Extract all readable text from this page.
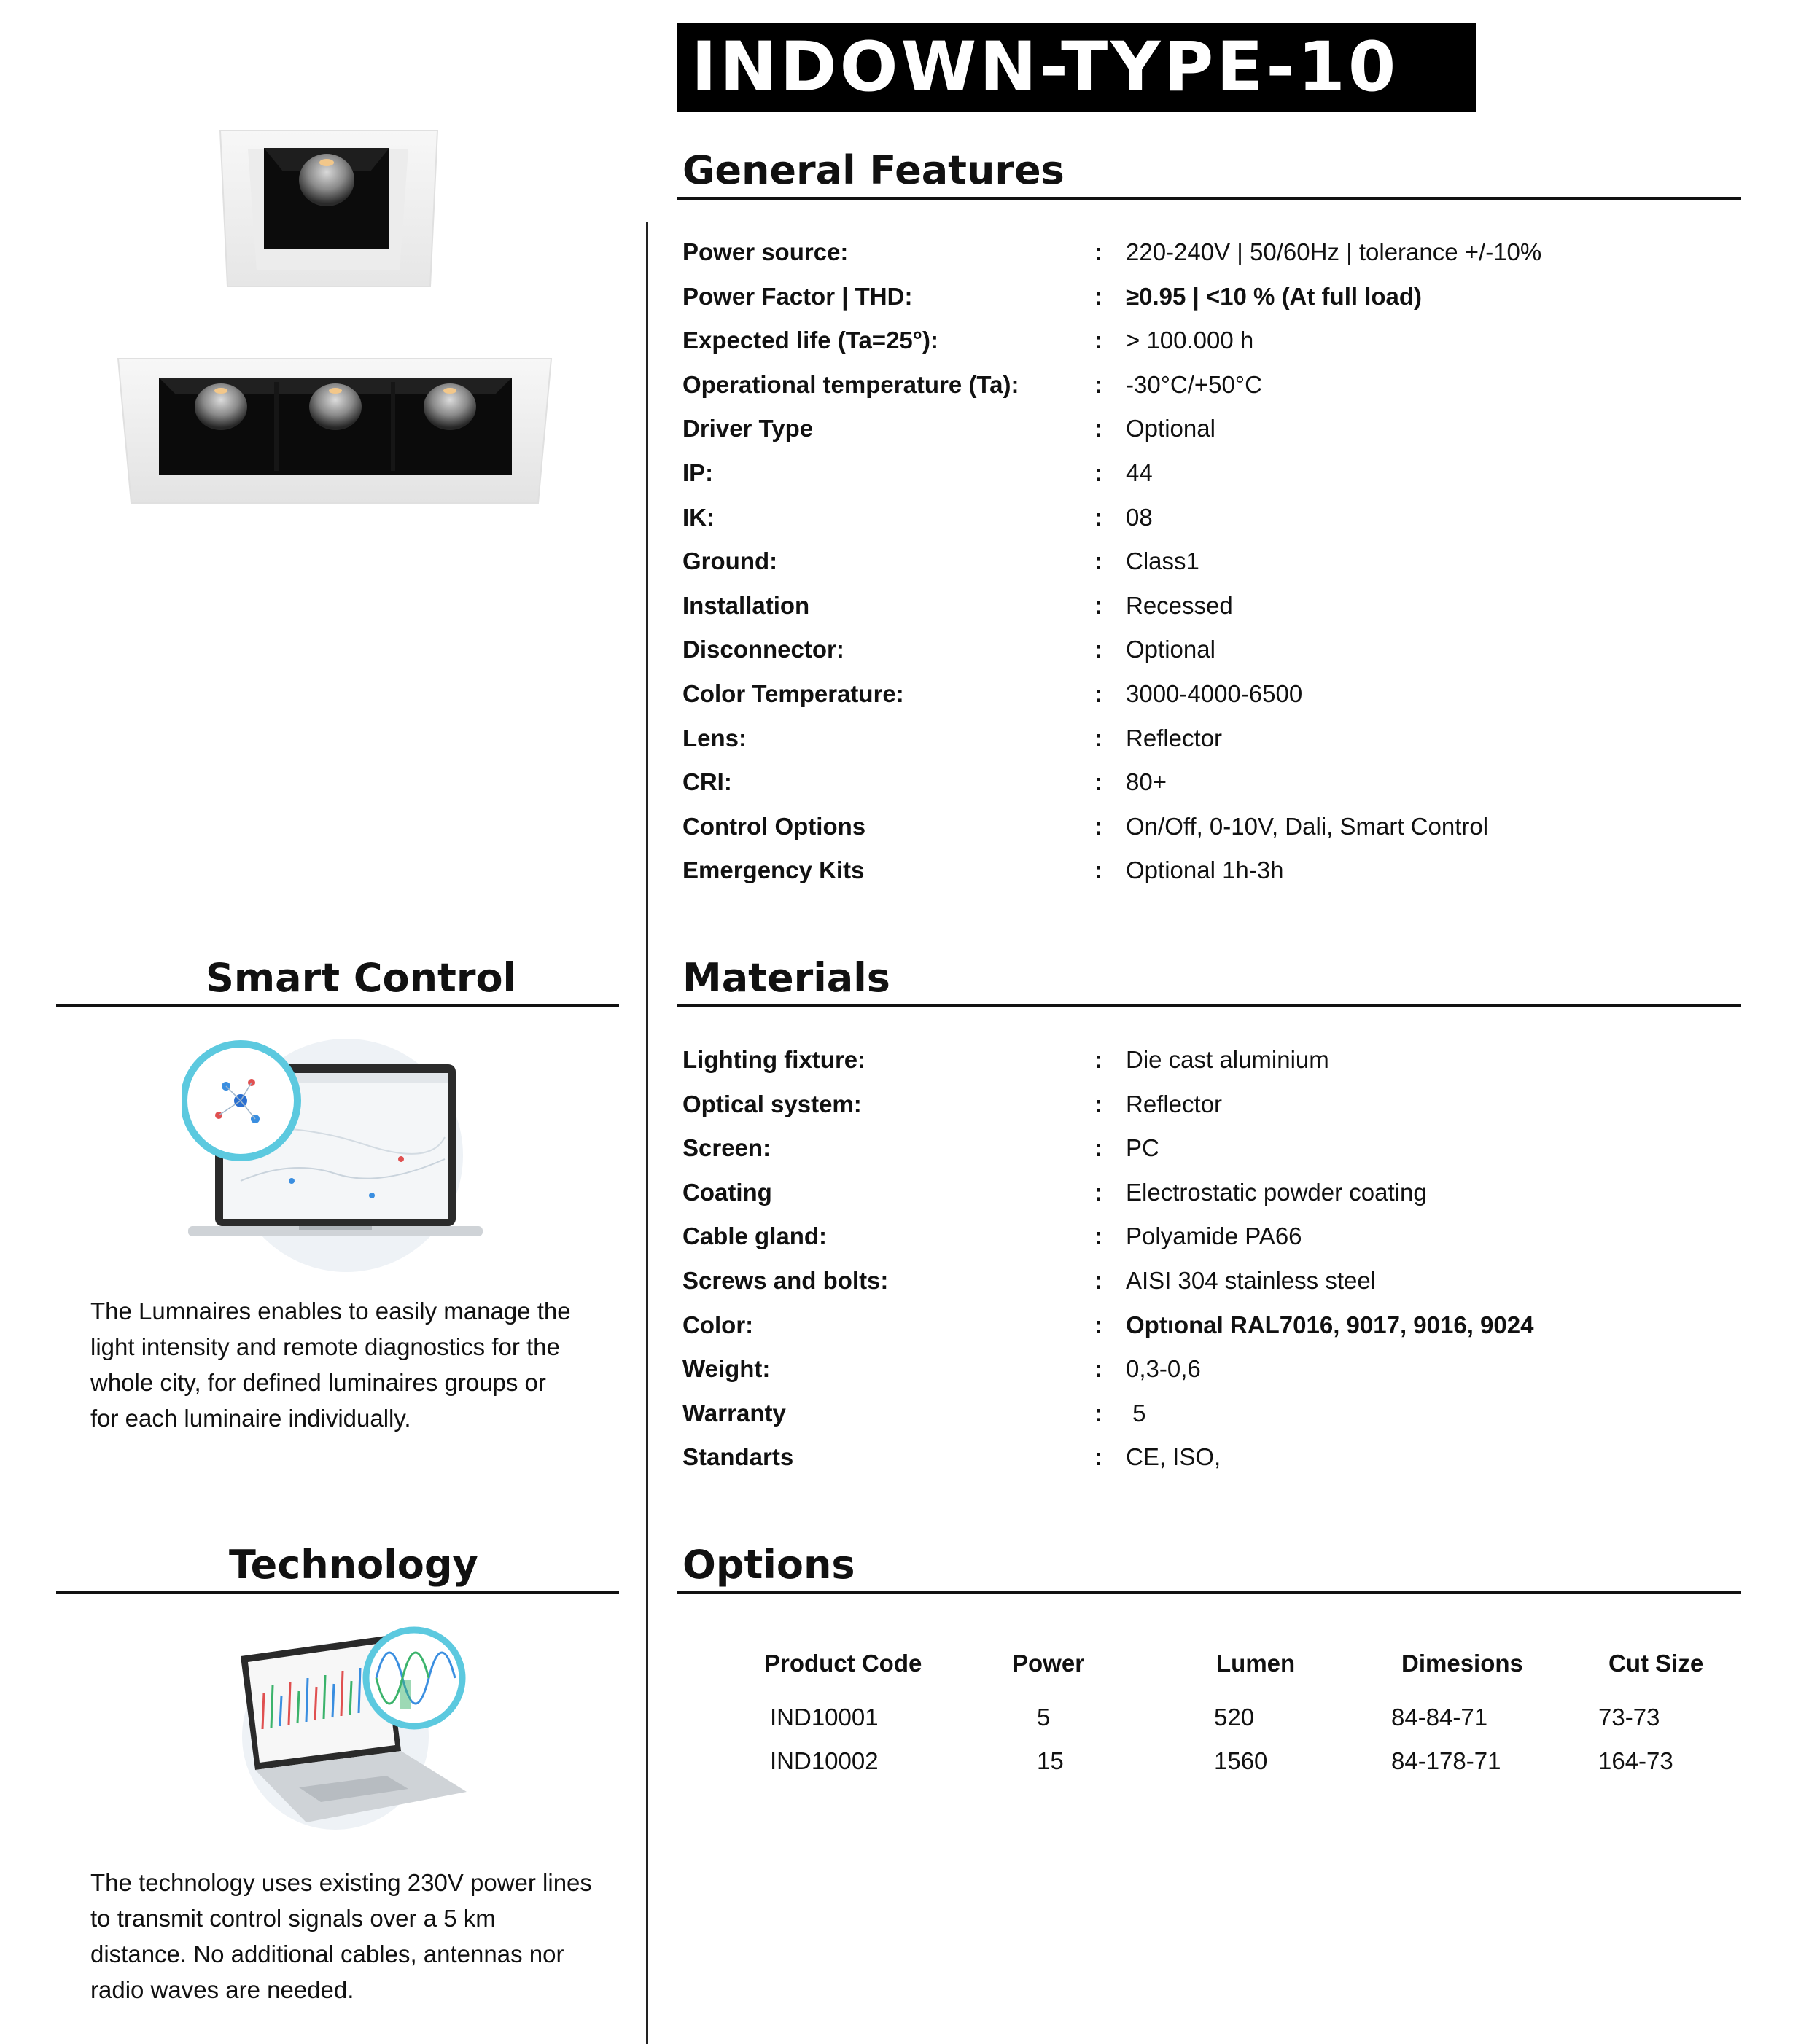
INDOWN-TYPE-10
General Features
Power source:	: 220-240V | 50/60Hz | tolerance +/-10%
Power Factor | THD:	: ≥0.95 | <10 % (At full load)
Expected life (Ta=25°):	: > 100.000 h
Operational temperature (Ta):	: -30°C/+50°C
Driver Type	: Optional
IP:	: 44
IK:	: 08
Ground:	: Class1
Installation	: Recessed
Disconnector:	: Optional
Color Temperature:	: 3000-4000-6500
Lens:	: Reflector
CRI:	: 80+
Control Options	: On/Off, 0-10V, Dali, Smart Control
Emergency Kits	: Optional 1h-3h
Smart Control
The Lumnaires enables to easily manage the
light intensity and remote diagnostics for the
whole city, for defined luminaires groups or
for each luminaire individually.
Materials
Lighting fixture:	: Die cast aluminium
Optical system:	: Reflector
Screen:	: PC
Coating	: Electrostatic powder coating
Cable gland:	: Polyamide PA66
Screws and bolts:	: AISI 304 stainless steel
Color:	: Optıonal RAL7016, 9017, 9016, 9024
Weight:	: 0,3-0,6
Warranty	: 5
Standarts	: CE, ISO,
Technology
The technology uses existing 230V power lines
to transmit control signals over a 5 km
distance. No additional cables, antennas nor
radio waves are needed.
Options
Product Code	Power	Lumen	Dimesions	Cut Size
IND10001	5	520	84-84-71	73-73
IND10002	15	1560	84-178-71	164-73
